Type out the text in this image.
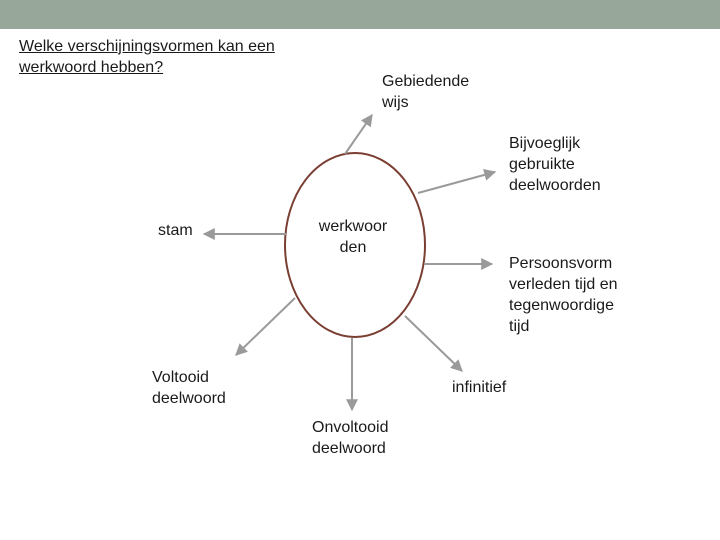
Welke verschijningsvormen kan een werkwoord hebben?
werkwoor
den
Gebiedende
wijs
Bijvoeglijk
gebruikte
deelwoorden
stam
Persoonsvorm
verleden tijd en
tegenwoordige
tijd
Voltooid
deelwoord
infinitief
Onvoltooid
deelwoord
